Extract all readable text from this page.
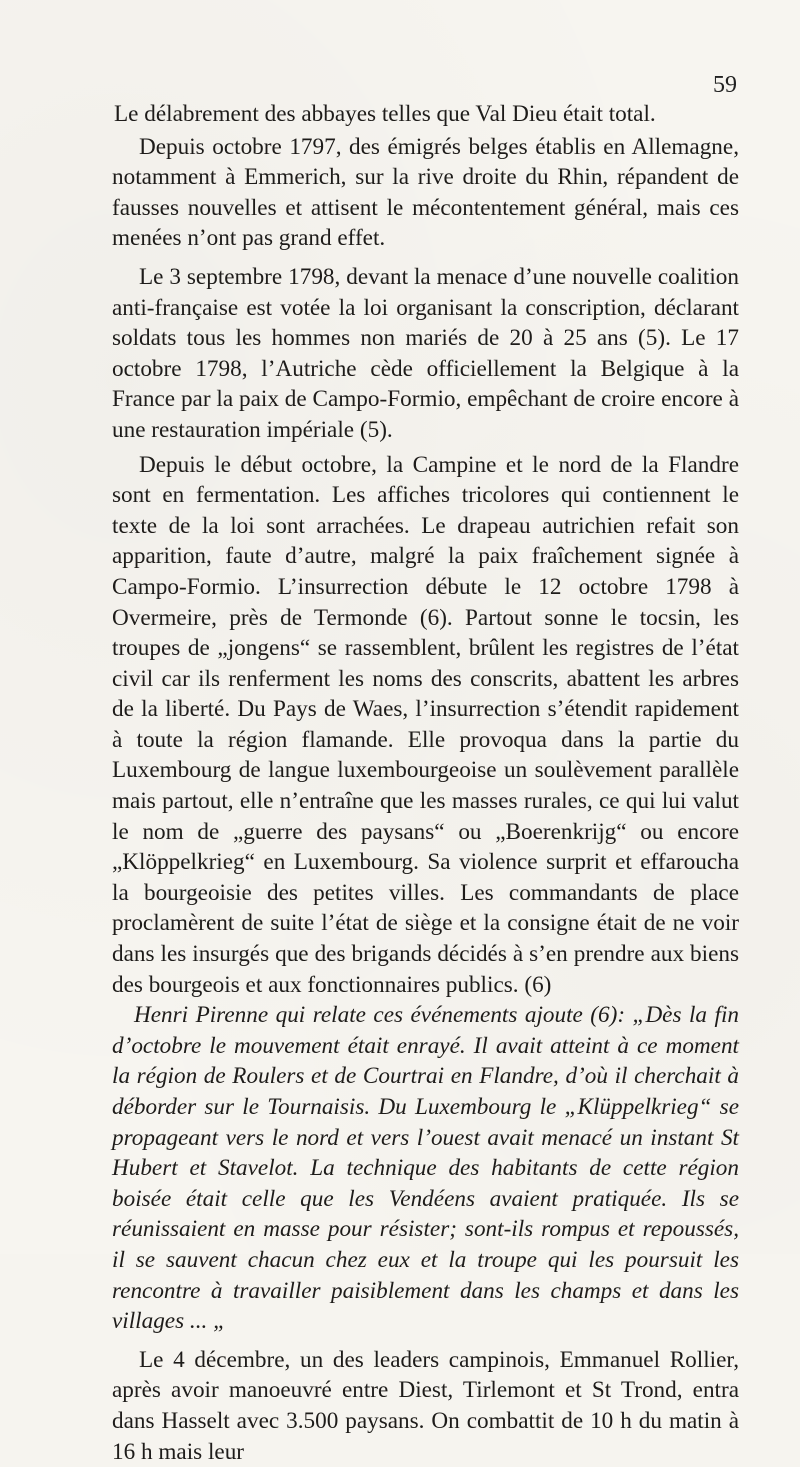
59

Le délabrement des abbayes telles que Val Dieu était total.

Depuis octobre 1797, des émigrés belges établis en Allemagne, notamment à Emmerich, sur la rive droite du Rhin, répandent de fausses nouvelles et attisent le mécontentement général, mais ces menées n’ont pas grand effet.

Le 3 septembre 1798, devant la menace d’une nouvelle coalition anti-française est votée la loi organisant la conscription, déclarant soldats tous les hommes non mariés de 20 à 25 ans (5). Le 17 octobre 1798, l’Autriche cède officiellement la Belgique à la France par la paix de Campo-Formio, empêchant de croire encore à une restauration impériale (5).

Depuis le début octobre, la Campine et le nord de la Flandre sont en fermentation. Les affiches tricolores qui contiennent le texte de la loi sont arrachées. Le drapeau autrichien refait son apparition, faute d’autre, malgré la paix fraîchement signée à Campo-Formio. L’insurrection débute le 12 octobre 1798 à Overmeire, près de Termonde (6). Partout sonne le tocsin, les troupes de „jongens“ se rassemblent, brûlent les registres de l’état civil car ils renferment les noms des conscrits, abattent les arbres de la liberté. Du Pays de Waes, l’insurrection s’étendit rapidement à toute la région flamande. Elle provoqua dans la partie du Luxembourg de langue luxembourgeoise un soulèvement parallèle mais partout, elle n’entraîne que les masses rurales, ce qui lui valut le nom de „guerre des paysans“ ou „Boerenkrijg“ ou encore „Klöppelkrieg“ en Luxembourg. Sa violence surprit et effaroucha la bourgeoisie des petites villes. Les commandants de place proclamèrent de suite l’état de siège et la consigne était de ne voir dans les insurgés que des brigands décidés à s’en prendre aux biens des bourgeois et aux fonctionnaires publics. (6)

Henri Pirenne qui relate ces événements ajoute (6): „Dès la fin d’octobre le mouvement était enrayé. Il avait atteint à ce moment la région de Roulers et de Courtrai en Flandre, d’où il cherchait à déborder sur le Tournaisis. Du Luxembourg le „Klüppelkrieg“ se propageant vers le nord et vers l’ouest avait menacé un instant St Hubert et Stavelot. La technique des habitants de cette région boisée était celle que les Vendéens avaient pratiquée. Ils se réunissaient en masse pour résister; sont-ils rompus et repoussés, il se sauvent chacun chez eux et la troupe qui les poursuit les rencontre à travailler paisiblement dans les champs et dans les villages ... „

Le 4 décembre, un des leaders campinois, Emmanuel Rollier, après avoir manoeuvré entre Diest, Tirlemont et St Trond, entra dans Hasselt avec 3.500 paysans. On combattit de 10 h du matin à 16 h mais leur
